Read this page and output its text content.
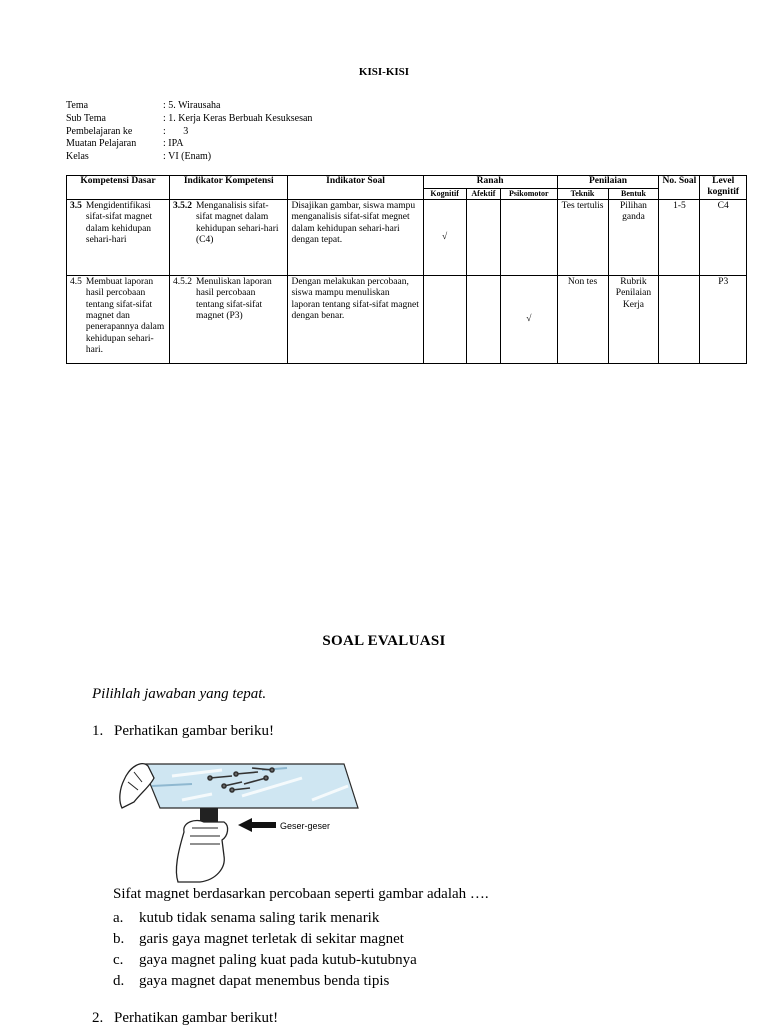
KISI-KISI
Tema	: 5. Wirausaha
Sub Tema	: 1. Kerja Keras Berbuah Kesuksesan
Pembelajaran ke	:       3
Muatan Pelajaran	: IPA
Kelas	: VI (Enam)
Kompetensi Dasar	Indikator Kompetensi	Indikator Soal	Ranah			Penilaian		No. Soal	Level kognitif
			Kognitif	Afektif	Psikomotor	Teknik	Bentuk		

3.5 Mengidentifikasi sifat-sifat magnet dalam kehidupan sehari-hari	3.5.2 Menganalisis sifat-sifat magnet dalam kehidupan sehari-hari (C4)	Disajikan gambar, siswa mampu menganalisis sifat-sifat megnet dalam kehidupan sehari-hari dengan tepat.	√			Tes tertulis	Pilihan ganda	1-5	C4

4.5 Membuat laporan hasil percobaan tentang sifat-sifat magnet dan penerapannya dalam kehidupan sehari-hari.	4.5.2 Menuliskan laporan hasil percobaan tentang sifat-sifat magnet (P3)	Dengan melakukan percobaan, siswa mampu menuliskan laporan tentang sifat-sifat magnet dengan benar.			√	Non tes	Rubrik Penilaian Kerja		P3
SOAL EVALUASI
Pilihlah jawaban yang tepat.
1. Perhatikan gambar beriku!
Geser-geser
Sifat magnet berdasarkan percobaan seperti gambar adalah ….
a.	kutub tidak senama saling tarik menarik
b. garis gaya magnet terletak di sekitar magnet
c.	gaya magnet paling kuat pada kutub-kutubnya
d. gaya magnet dapat menembus benda tipis
2. Perhatikan gambar berikut!
